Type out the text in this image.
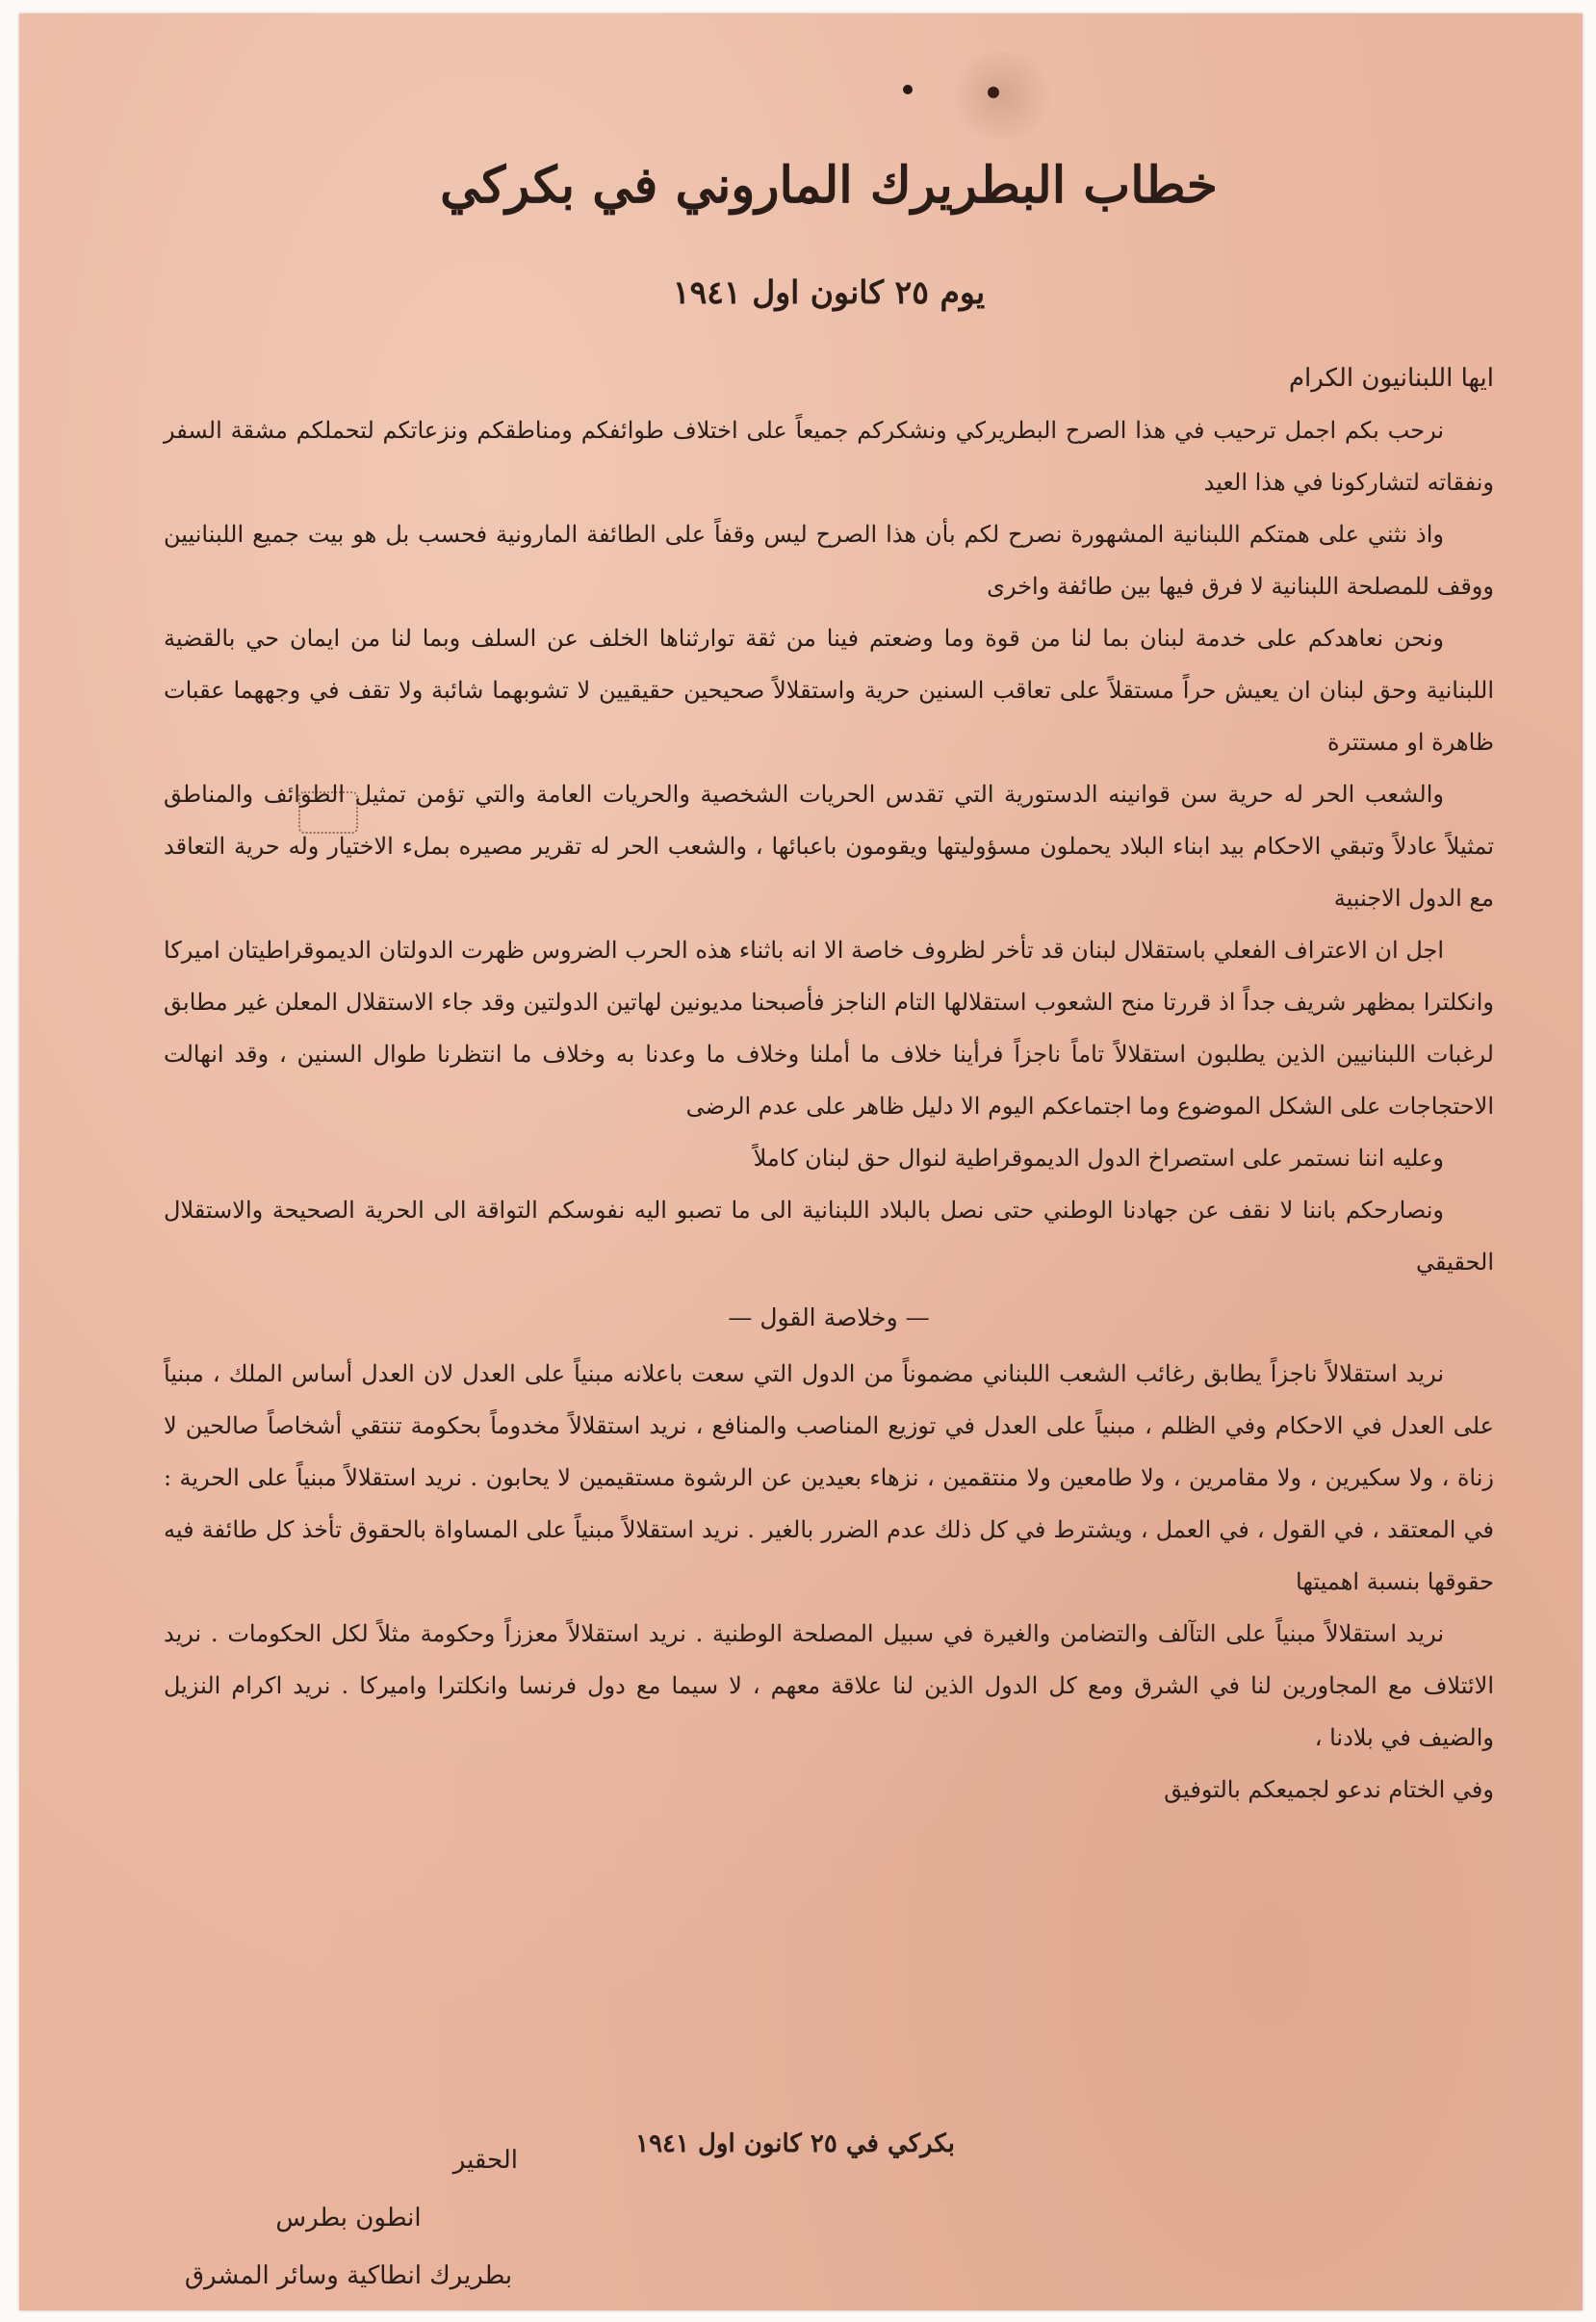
خطاب البطريرك الماروني في بكركي
يوم ٢٥ كانون اول ١٩٤١

ايها اللبنانيون الكرام

نرحب بكم اجمل ترحيب في هذا الصرح البطريركي ونشكركم جميعاً على اختلاف طوائفكم ومناطقكم ونزعاتكم لتحملكم مشقة السفر ونفقاته لتشاركونا في هذا العيد

واذ نثني على همتكم اللبنانية المشهورة نصرح لكم بأن هذا الصرح ليس وقفاً على الطائفة المارونية فحسب بل هو بيت جميع اللبنانيين ووقف للمصلحة اللبنانية لا فرق فيها بين طائفة واخرى

ونحن نعاهدكم على خدمة لبنان بما لنا من قوة وما وضعتم فينا من ثقة توارثناها الخلف عن السلف وبما لنا من ايمان حي بالقضية اللبنانية وحق لبنان ان يعيش حراً مستقلاً على تعاقب السنين حرية واستقلالاً صحيحين حقيقيين لا تشوبهما شائبة ولا تقف في وجههما عقبات ظاهرة او مستترة

والشعب الحر له حرية سن قوانينه الدستورية التي تقدس الحريات الشخصية والحريات العامة والتي تؤمن تمثيل الطوائف والمناطق تمثيلاً عادلاً وتبقي الاحكام بيد ابناء البلاد يحملون مسؤوليتها ويقومون باعبائها ، والشعب الحر له تقرير مصيره بملء الاختيار وله حرية التعاقد مع الدول الاجنبية

اجل ان الاعتراف الفعلي باستقلال لبنان قد تأخر لظروف خاصة الا انه باثناء هذه الحرب الضروس ظهرت الدولتان الديموقراطيتان اميركا وانكلترا بمظهر شريف جداً اذ قررتا منح الشعوب استقلالها التام الناجز فأصبحنا مديونين لهاتين الدولتين وقد جاء الاستقلال المعلن غير مطابق لرغبات اللبنانيين الذين يطلبون استقلالاً تاماً ناجزاً فرأينا خلاف ما أملنا وخلاف ما وعدنا به وخلاف ما انتظرنا طوال السنين ، وقد انهالت الاحتجاجات على الشكل الموضوع وما اجتماعكم اليوم الا دليل ظاهر على عدم الرضى

وعليه اننا نستمر على استصراخ الدول الديموقراطية لنوال حق لبنان كاملاً

ونصارحكم باننا لا نقف عن جهادنا الوطني حتى نصل بالبلاد اللبنانية الى ما تصبو اليه نفوسكم التواقة الى الحرية الصحيحة والاستقلال الحقيقي

— وخلاصة القول —

نريد استقلالاً ناجزاً يطابق رغائب الشعب اللبناني مضموناً من الدول التي سعت باعلانه مبنياً على العدل لان العدل أساس الملك ، مبنياً على العدل في الاحكام وفي الظلم ، مبنياً على العدل في توزيع المناصب والمنافع ، نريد استقلالاً مخدوماً بحكومة تنتقي أشخاصاً صالحين لا زناة ، ولا سكيرين ، ولا مقامرين ، ولا طامعين ولا منتقمين ، نزهاء بعيدين عن الرشوة مستقيمين لا يحابون . نريد استقلالاً مبنياً على الحرية : في المعتقد ، في القول ، في العمل ، ويشترط في كل ذلك عدم الضرر بالغير . نريد استقلالاً مبنياً على المساواة بالحقوق تأخذ كل طائفة فيه حقوقها بنسبة اهميتها

نريد استقلالاً مبنياً على التآلف والتضامن والغيرة في سبيل المصلحة الوطنية . نريد استقلالاً معززاً وحكومة مثلاً لكل الحكومات . نريد الائتلاف مع المجاورين لنا في الشرق ومع كل الدول الذين لنا علاقة معهم ، لا سيما مع دول فرنسا وانكلترا واميركا . نريد اكرام النزيل والضيف في بلادنا ،

وفي الختام ندعو لجميعكم بالتوفيق

بكركي في ٢٥ كانون اول ١٩٤١
الحقير
انطون بطرس
بطريرك انطاكية وسائر المشرق
